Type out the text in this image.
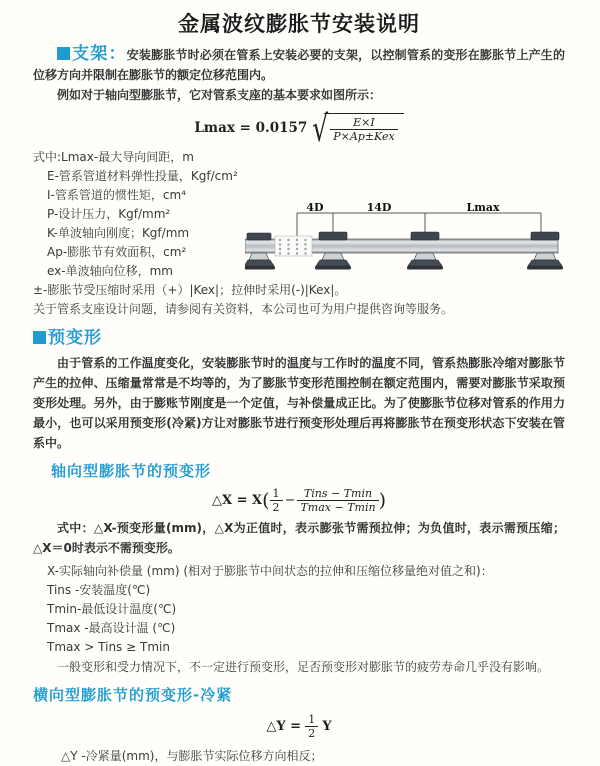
金属波纹膨胀节安装说明

支架：安装膨胀节时必须在管系上安装必要的支架，以控制管系的变形在膨胀节上产生的位移方向并限制在膨胀节的额定位移范围内。

例如对于轴向型膨胀节，它对管系支座的基本要求如图所示：

Lmax = 0.0157 √ $\frac{E\times I}{\text{P×Ap±Kex}}$
式中:Lmax-最大导向间距，m
E-管系管道材料弹性投量，Kgf/cm²
I-管系管道的惯性矩，cm⁴
P-设计压力，Kgf/mm²
K-单波轴向刚度；Kgf/mm
Ap-膨胀节有效面积，cm²
ex-单波轴向位移，mm
±-膨胀节受压缩时采用（+）|Kex|；拉伸时采用(-)|Kex|。
关于管系支座设计问题，请参阅有关资料，本公司也可为用户提供咨询等服务。

预变形

由于管系的工作温度变化，安装膨胀节时的温度与工作时的温度不同，管系热膨胀冷缩对膨胀节产生的拉伸、压缩量常常是不均等的，为了膨胀节变形范围控制在额定范围内，需要对膨胀节采取预变形处理。另外，由于膨账节刚度是一个定值，与补偿量成正比。为了使膨胀节位移对管系的作用力最小，也可以采用预变形(冷紧)方让对膨胀节进行预变形处理后再将膨胀节在预变形状态下安装在管系中。

轴向型膨胀节的预变形
△X = $X( \frac{1}{2} - \frac{\text{Tins − Tmin}}{Tmax - Tmin}$ )

式中：△X-预变形量(mm)，△X为正值时，表示膨张节需预拉伸；为负值时，表示需预压缩；△X＝0时表示不需预变形。

X-实际轴向补偿量 (mm) (相对于膨胀节中间状态的拉伸和压缩位移量绝对值之和)：
Tins -安装温度(℃)
Tmin-最低设计温度(℃)
Tmax -最高设计温 (℃)
Tmax > Tins ≥ Tmin

一般变形和受力情况下，不一定进行预变形，足否预变形对膨胀节的疲劳寿命几乎没有影响。

横向型膨胀节的预变形-冷紧
△Y = $\frac{1}{2}$ Y

△Y -冷紧量(mm)，与膨胀节实际位移方向相反；

4D	14D	Lmax
